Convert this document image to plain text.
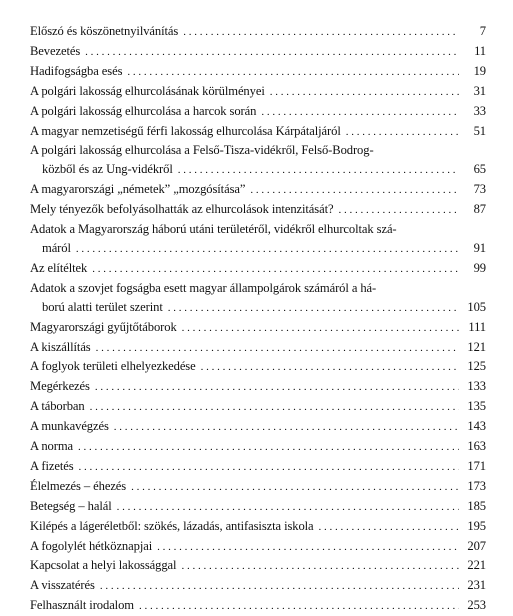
Előszó és köszönetnyilvánítás . . .	7
Bevezetés . . .	11
Hadifogságba esés . . .	19
A polgári lakosság elhurcolásának körülményei . . .	31
A polgári lakosság elhurcolása a harcok során . . .	33
A magyar nemzetiségű férfi lakosság elhurcolása Kárpátaljáról . . .	51
A polgári lakosság elhurcolása a Felső-Tisza-vidékről, Felső-Bodrog-
közből és az Ung-vidékről . . .	65
A magyarországi „németek” „mozgósítása” . . .	73
Mely tényezők befolyásolhatták az elhurcolások intenzitását? . . .	87
Adatok a Magyarország háború utáni területéről, vidékről elhurcoltak szá-
máról . . .	91
Az elítéltek . . .	99
Adatok a szovjet fogságba esett magyar állampolgárok számáról a há-
ború alatti terület szerint . . .	105
Magyarországi gyűjtőtáborok . . .	111
A kiszállítás . . .	121
A foglyok területi elhelyezkedése . . .	125
Megérkezés . . .	133
A táborban . . .	135
A munkavégzés . . .	143
A norma . . .	163
A fizetés . . .	171
Élelmezés – éhezés . . .	173
Betegség – halál . . .	185
Kilépés a lágeréletből: szökés, lázadás, antifasiszta iskola . . .	195
A fogolylét hétköznapjai . . .	207
Kapcsolat a helyi lakossággal . . .	221
A visszatérés . . .	231
Felhasznált irodalom . . .	253
